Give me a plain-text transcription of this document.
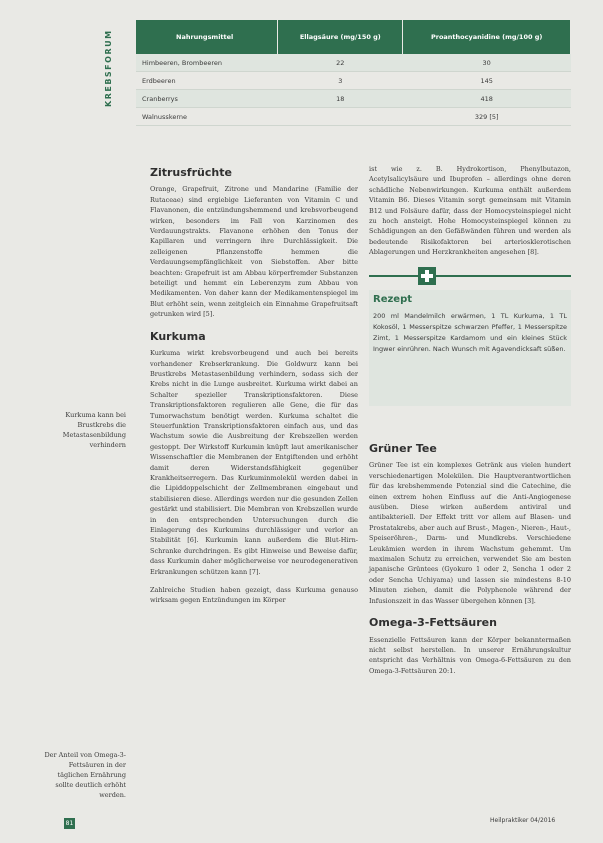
KREBSFORUM	Nahrungsmittel	Ellagsäure (mg/150 g)	Proanthocyanidine (mg/100 g)
Himbeeren, Brombeeren	22	30
Erdbeeren	3	145
Cranberrys	18	418
Walnusskerne		329 [5]
Zitrusfrüchte

Orange, Grapefruit, Zitrone und Mandarine (Familie der Rutaceae) sind ergiebige Lieferanten von Vitamin C und Flavanonen, die entzündungshemmend und krebsvorbeugend wirken, besonders im Fall von Karzinomen des Verdauungstrakts. Flavanone erhöhen den Tonus der Kapillaren und verringern ihre Durchlässigkeit. Die zelleigenen Pflanzenstoffe hemmen die Verdauungsempfänglichkeit von Siebstoffen. Aber bitte beachten: Grapefruit ist am Abbau körperfremder Substanzen beteiligt und hemmt ein Leberenzym zum Abbau von Medikamenten. Von daher kann der Medikamentenspiegel im Blut erhöht sein, wenn zeitgleich ein Einnahme Grapefruitsaft getrunken wird [5].

Kurkuma

Kurkuma wirkt krebsvorbeugend und auch bei bereits vorhandener Krebserkrankung. Die Goldwurz kann bei Brustkrebs Metastasenbildung verhindern, sodass sich der Krebs nicht in die Lunge ausbreitet. Kurkuma wirkt dabei an Schalter spezieller Transkriptionsfaktoren. Diese Transkriptionsfaktoren regulieren alle Gene, die für das Tumorwachstum benötigt werden. Kurkuma schaltet die Steuerfunktion Transkriptionsfaktoren einfach aus, und das Wachstum sowie die Ausbreitung der Krebszellen werden gestoppt. Der Wirkstoff Kurkumin knüpft laut amerikanischer Wissenschaftler die Membranen der Entgiftenden und erhöht damit deren Widerstandsfähigkeit gegenüber Krankheitserregern. Das Kurkuminmolekül werden dabei in die Lipiddoppelschicht der Zellmembranen eingebaut und stabilisieren diese. Allerdings werden nur die gesunden Zellen gestärkt und stabilisiert. Die Membran von Krebszellen wurde in den entsprechenden Untersuchungen durch die Einlagerung des Kurkumins durchlässiger und verlor an Stabilität [6]. Kurkumin kann außerdem die Blut-Hirn-Schranke durchdringen. Es gibt Hinweise und Beweise dafür, dass Kurkumin daher möglicherweise vor neurodegenerativen Erkrankungen schützen kann [7].

Zahlreiche Studien haben gezeigt, dass Kurkuma genauso wirksam gegen Entzündungen im Körper

Kurkuma kann bei Brustkrebs die Metastasenbildung verhindern
Der Anteil von Omega-3-Fettsäuren in der täglichen Ernährung sollte deutlich erhöht werden.

ist wie z. B. Hydrokortison, Phenylbutazon, Acetylsalicylsäure und Ibuprofen – allerdings ohne deren schädliche Nebenwirkungen. Kurkuma enthält außerdem Vitamin B6. Dieses Vitamin sorgt gemeinsam mit Vitamin B12 und Folsäure dafür, dass der Homocysteinspiegel nicht zu hoch ansteigt. Hohe Homocysteinspiegel können zu Schädigungen an den Gefäßwänden führen und werden als bedeutende Risikofaktoren bei arteriosklerotischen Ablagerungen und Herzkrankheiten angesehen [8].

Rezept

200 ml Mandelmilch erwärmen, 1 TL Kurkuma, 1 TL Kokosöl, 1 Messerspitze schwarzen Pfeffer, 1 Messerspitze Zimt, 1 Messerspitze Kardamom und ein kleines Stück Ingwer einrühren. Nach Wunsch mit Agavendicksaft süßen.

Grüner Tee

Grüner Tee ist ein komplexes Getränk aus vielen hundert verschiedenartigen Molekülen. Die Hauptverantwortlichen für das krebshemmende Potenzial sind die Catechine, die einen extrem hohen Einfluss auf die Anti-Angiogenese ausüben. Diese wirken außerdem antiviral und antibakteriell. Der Effekt tritt vor allem auf Blasen- und Prostatakrebs, aber auch auf Brust-, Magen-, Nieren-, Haut-, Speiseröhren-, Darm- und Mundkrebs. Verschiedene Leukämien werden in ihrem Wachstum gehemmt. Um maximalen Schutz zu erreichen, verwendet Sie am besten japanische Grüntees (Gyokuro 1 oder 2, Sencha 1 oder 2 oder Sencha Uchiyama) und lassen sie mindestens 8-10 Minuten ziehen, damit die Polyphenole während der Infusionszeit in das Wasser übergehen können [3].

Omega-3-Fettsäuren

Essenzielle Fettsäuren kann der Körper bekanntermaßen nicht selbst herstellen. In unserer Ernährungskultur entspricht das Verhältnis von Omega-6-Fettsäuren zu den Omega-3-Fettsäuren 20:1.

81	Heilpraktiker 04/2016
